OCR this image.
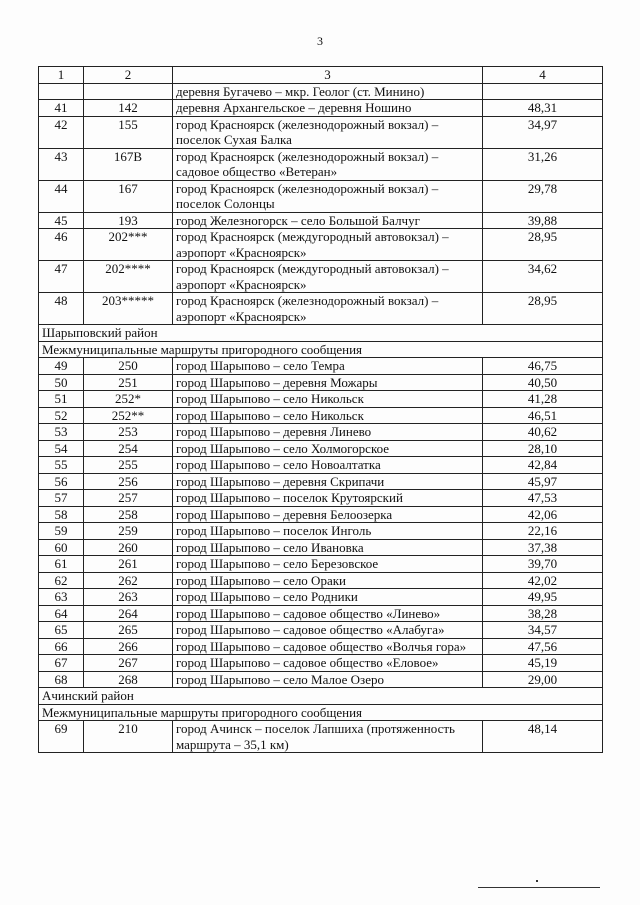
3
1	2	3	4
		деревня Бугачево – мкр. Геолог (ст. Минино)	
41	142	деревня Архангельское – деревня Ношино	48,31
42	155	город Красноярск (железнодорожный вокзал) – поселок Сухая Балка	34,97
43	167В	город Красноярск (железнодорожный вокзал) – садовое общество «Ветеран»	31,26
44	167	город Красноярск (железнодорожный вокзал) – поселок Солонцы	29,78
45	193	город Железногорск – село Большой Балчуг	39,88
46	202***	город Красноярск (междугородный автовокзал) – аэропорт «Красноярск»	28,95
47	202****	город Красноярск (междугородный автовокзал) – аэропорт «Красноярск»	34,62
48	203*****	город Красноярск (железнодорожный вокзал) – аэропорт «Красноярск»	28,95
Шарыповский район			
Межмуниципальные маршруты пригородного сообщения			
49	250	город Шарыпово – село Темра	46,75
50	251	город Шарыпово – деревня Можары	40,50
51	252*	город Шарыпово – село Никольск	41,28
52	252**	город Шарыпово – село Никольск	46,51
53	253	город Шарыпово – деревня Линево	40,62
54	254	город Шарыпово – село Холмогорское	28,10
55	255	город Шарыпово – село Новоалтатка	42,84
56	256	город Шарыпово – деревня Скрипачи	45,97
57	257	город Шарыпово – поселок Крутоярский	47,53
58	258	город Шарыпово – деревня Белоозерка	42,06
59	259	город Шарыпово – поселок Инголь	22,16
60	260	город Шарыпово – село Ивановка	37,38
61	261	город Шарыпово – село Березовское	39,70
62	262	город Шарыпово – село Ораки	42,02
63	263	город Шарыпово – село Родники	49,95
64	264	город Шарыпово – садовое общество «Линево»	38,28
65	265	город Шарыпово – садовое общество «Алабуга»	34,57
66	266	город Шарыпово – садовое общество «Волчья гора»	47,56
67	267	город Шарыпово – садовое общество «Еловое»	45,19
68	268	город Шарыпово – село Малое Озеро	29,00
Ачинский район			
Межмуниципальные маршруты пригородного сообщения			
69	210	город Ачинск – поселок Лапшиха (протяженность маршрута – 35,1 км)	48,14
